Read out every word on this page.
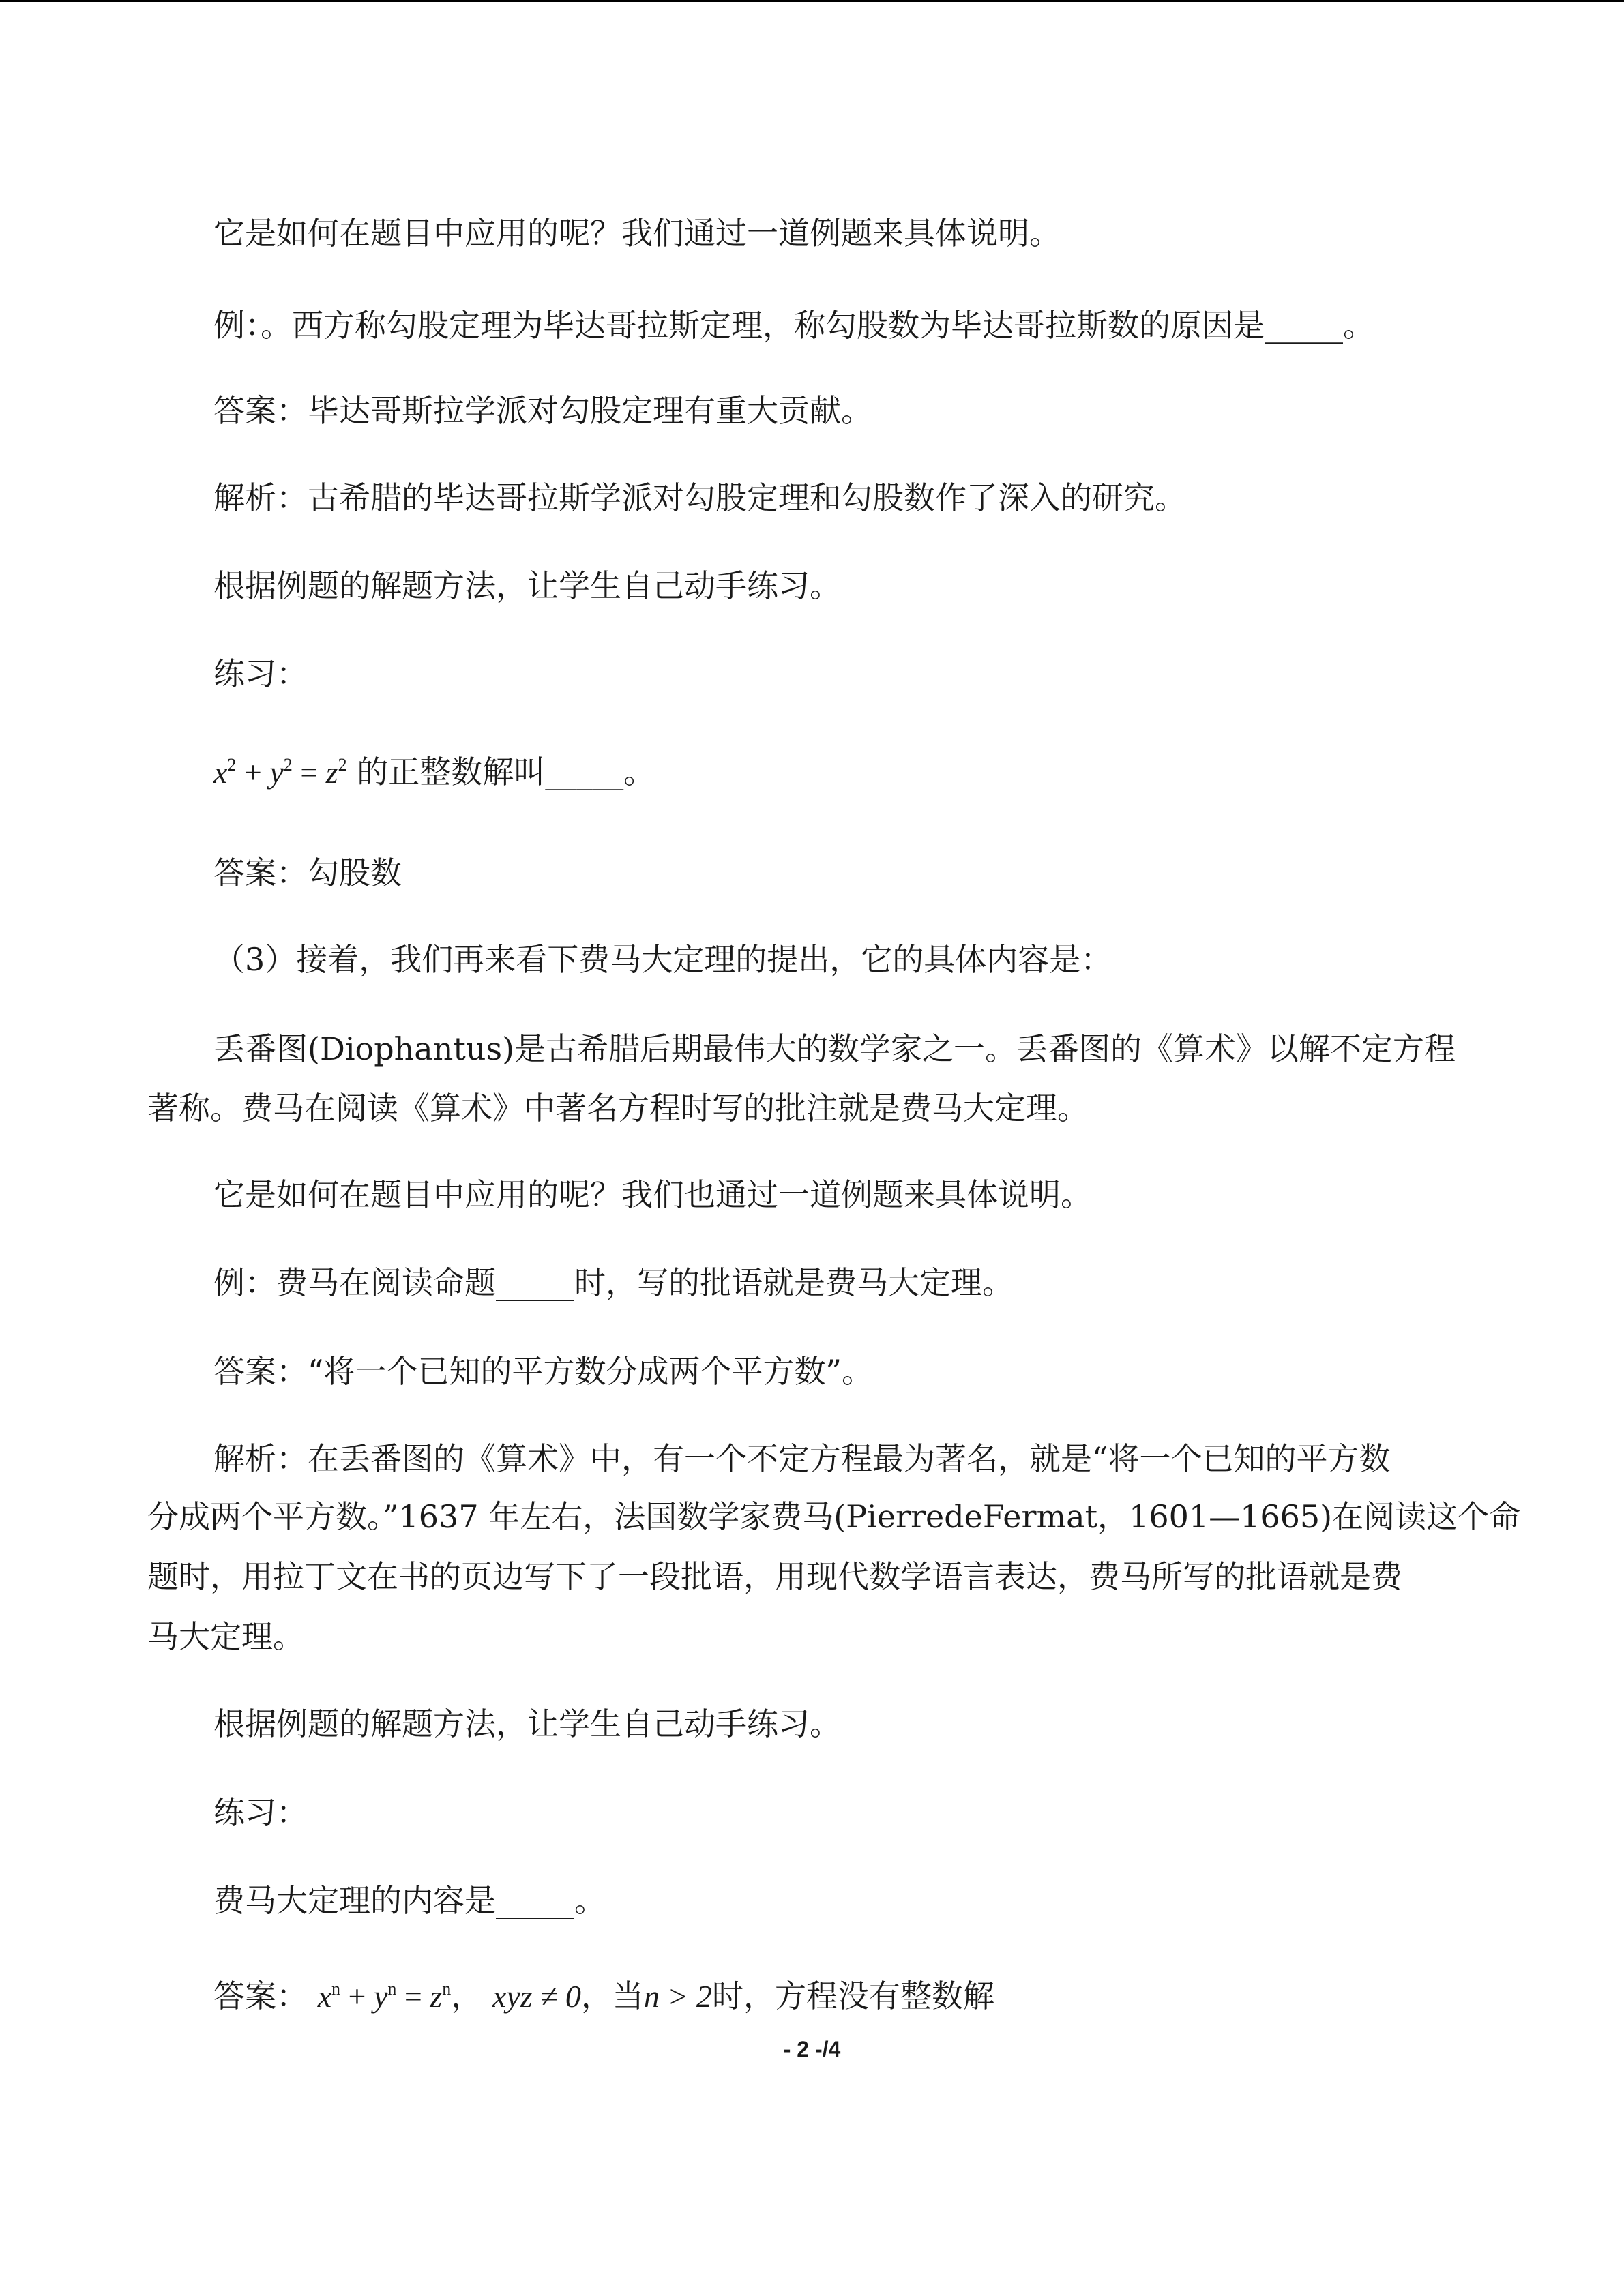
它是如何在题目中应用的呢？我们通过一道例题来具体说明。
例：。西方称勾股定理为毕达哥拉斯定理，称勾股数为毕达哥拉斯数的原因是_____。
答案：毕达哥斯拉学派对勾股定理有重大贡献。
解析：古希腊的毕达哥拉斯学派对勾股定理和勾股数作了深入的研究。
根据例题的解题方法，让学生自己动手练习。
练习：
$x^2 + y^2 = z^2$ 的正整数解叫_____。
答案：勾股数
（3）接着，我们再来看下费马大定理的提出，它的具体内容是：
丢番图(Diophantus)是古希腊后期最伟大的数学家之一。丢番图的《算术》以解不定方程
著称。费马在阅读《算术》中著名方程时写的批注就是费马大定理。
它是如何在题目中应用的呢？我们也通过一道例题来具体说明。
例：费马在阅读命题_____时，写的批语就是费马大定理。
答案：“将一个已知的平方数分成两个平方数”。
解析：在丢番图的《算术》中，有一个不定方程最为著名，就是“将一个已知的平方数
分成两个平方数。”1637 年左右，法国数学家费马(PierredeFermat，1601—1665)在阅读这个命
题时，用拉丁文在书的页边写下了一段批语，用现代数学语言表达，费马所写的批语就是费
马大定理。
根据例题的解题方法，让学生自己动手练习。
练习：
费马大定理的内容是_____。
答案： $x^n + y^n = z^n$， xyz ≠ 0，当n > 2时，方程没有整数解
- 2 -/4
